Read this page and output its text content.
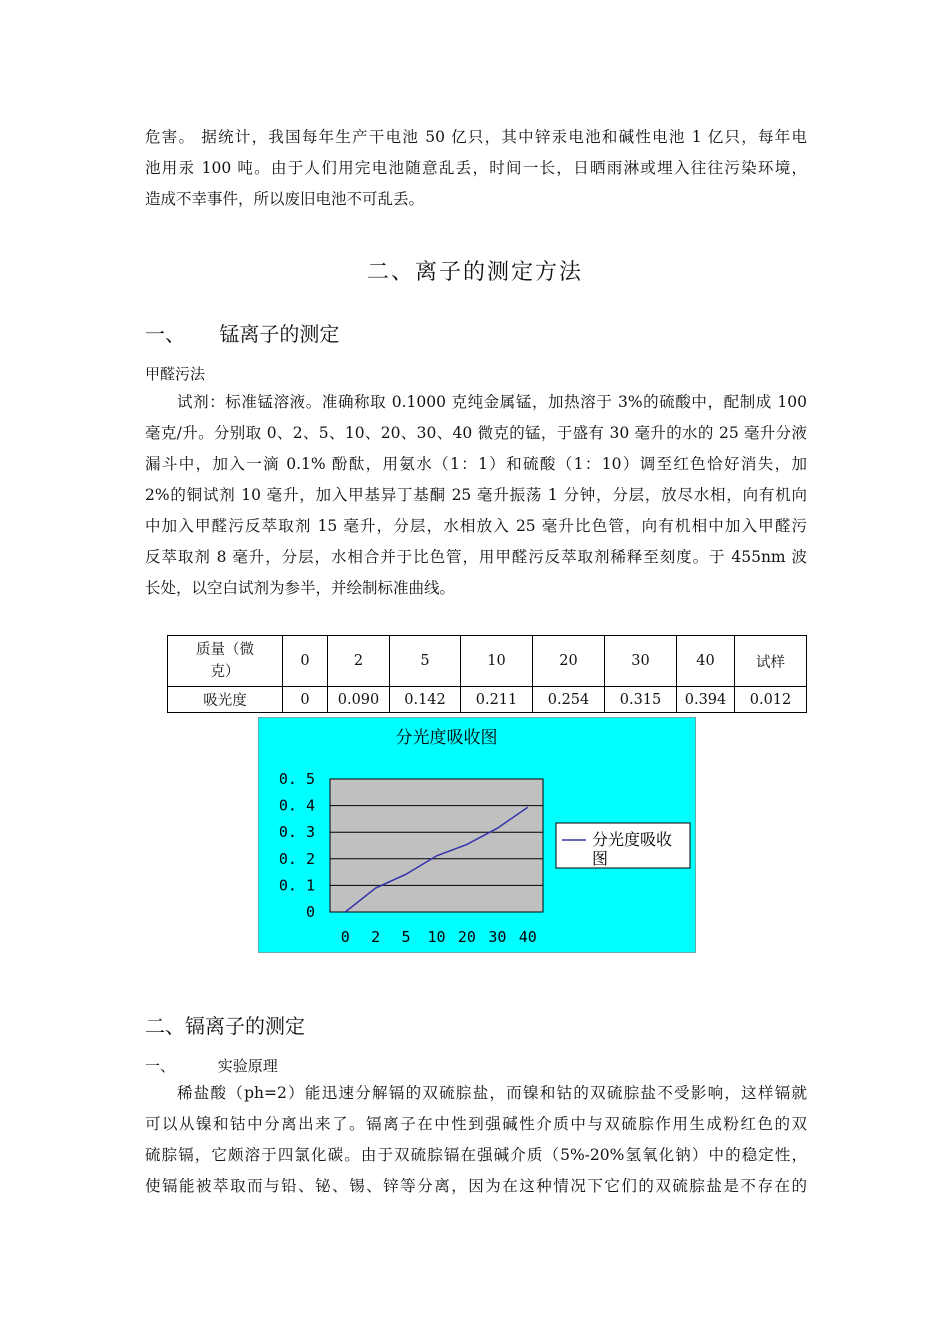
危害。 据统计，我国每年生产干电池 50 亿只，其中锌汞电池和碱性电池 1 亿只，每年电
池用汞 100 吨。由于人们用完电池随意乱丢，时间一长，日晒雨淋或埋入往往污染环境，
造成不幸事件，所以废旧电池不可乱丢。
二、离子的测定方法
一、 锰离子的测定
甲醛污法
试剂：标准锰溶液。准确称取 0.1000 克纯金属锰，加热溶于 3%的硫酸中，配制成 100
毫克/升。分别取 0、2、5、10、20、30、40 微克的锰，于盛有 30 毫升的水的 25 毫升分液
漏斗中，加入一滴 0.1% 酚酞，用氨水（1：1）和硫酸（1：10）调至红色恰好消失，加
2%的铜试剂 10 毫升，加入甲基异丁基酮 25 毫升振荡 1 分钟，分层，放尽水相，向有机向
中加入甲醛污反萃取剂 15 毫升，分层，水相放入 25 毫升比色管，向有机相中加入甲醛污
反萃取剂 8 毫升，分层，水相合并于比色管，用甲醛污反萃取剂稀释至刻度。于 455nm 波
长处，以空白试剂为参半，并绘制标准曲线。
质量（微
克）	0	2	5	10	20	30	40	试样
吸光度	0	0.090	0.142	0.211	0.254	0.315	0.394	0.012
分光度吸收图
0
0. 1
0. 2
0. 3
0. 4
0. 5
0 2 5 10 20 30 40
分光度吸收
图
二、镉离子的测定
一、	实验原理
稀盐酸（ph=2）能迅速分解镉的双硫腙盐，而镍和钴的双硫腙盐不受影响，这样镉就
可以从镍和钴中分离出来了。镉离子在中性到强碱性介质中与双硫腙作用生成粉红色的双
硫腙镉，它颇溶于四氯化碳。由于双硫腙镉在强碱介质（5%-20%氢氧化钠）中的稳定性，
使镉能被萃取而与铅、铋、锡、锌等分离，因为在这种情况下它们的双硫腙盐是不存在的
